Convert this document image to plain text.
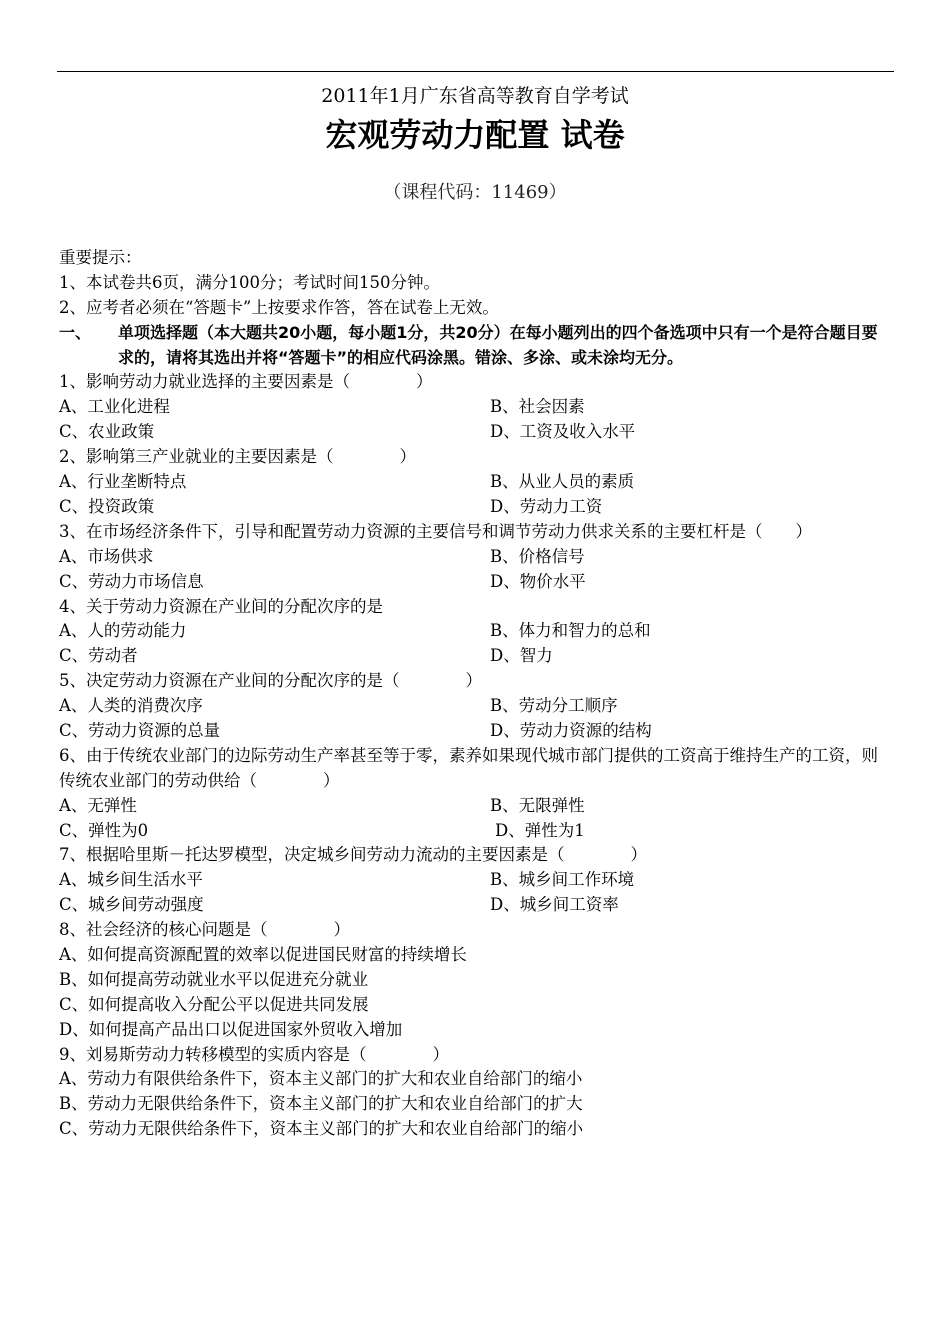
2011年1月广东省高等教育自学考试
宏观劳动力配置 试卷
（课程代码：11469）
重要提示：
1、本试卷共6页，满分100分；考试时间150分钟。
2、应考者必须在“答题卡”上按要求作答，答在试卷上无效。
一、	单项选择题（本大题共20小题，每小题1分，共20分）在每小题列出的四个备选项中只有一个是符合题目要求的，请将其选出并将“答题卡”的相应代码涂黑。错涂、多涂、或未涂均无分。
1、影响劳动力就业选择的主要因素是（　　　　）
A、工业化进程	B、社会因素
C、农业政策	D、工资及收入水平
2、影响第三产业就业的主要因素是（　　　　）
A、行业垄断特点	B、从业人员的素质
C、投资政策	D、劳动力工资
3、在市场经济条件下，引导和配置劳动力资源的主要信号和调节劳动力供求关系的主要杠杆是（　　）
A、市场供求	B、价格信号
C、劳动力市场信息	D、物价水平
4、关于劳动力资源在产业间的分配次序的是
A、人的劳动能力	B、体力和智力的总和
C、劳动者	D、智力
5、决定劳动力资源在产业间的分配次序的是（　　　　）
A、人类的消费次序	B、劳动分工顺序
C、劳动力资源的总量	D、劳动力资源的结构
6、由于传统农业部门的边际劳动生产率甚至等于零，素养如果现代城市部门提供的工资高于维持生产的工资，则传统农业部门的劳动供给（　　　　）
A、无弹性	B、无限弹性
C、弹性为0	D、弹性为1
7、根据哈里斯－托达罗模型，决定城乡间劳动力流动的主要因素是（　　　　）
A、城乡间生活水平	B、城乡间工作环境
C、城乡间劳动强度	D、城乡间工资率
8、社会经济的核心问题是（　　　　）
A、如何提高资源配置的效率以促进国民财富的持续增长
B、如何提高劳动就业水平以促进充分就业
C、如何提高收入分配公平以促进共同发展
D、如何提高产品出口以促进国家外贸收入增加
9、刘易斯劳动力转移模型的实质内容是（　　　　）
A、劳动力有限供给条件下，资本主义部门的扩大和农业自给部门的缩小
B、劳动力无限供给条件下，资本主义部门的扩大和农业自给部门的扩大
C、劳动力无限供给条件下，资本主义部门的扩大和农业自给部门的缩小
